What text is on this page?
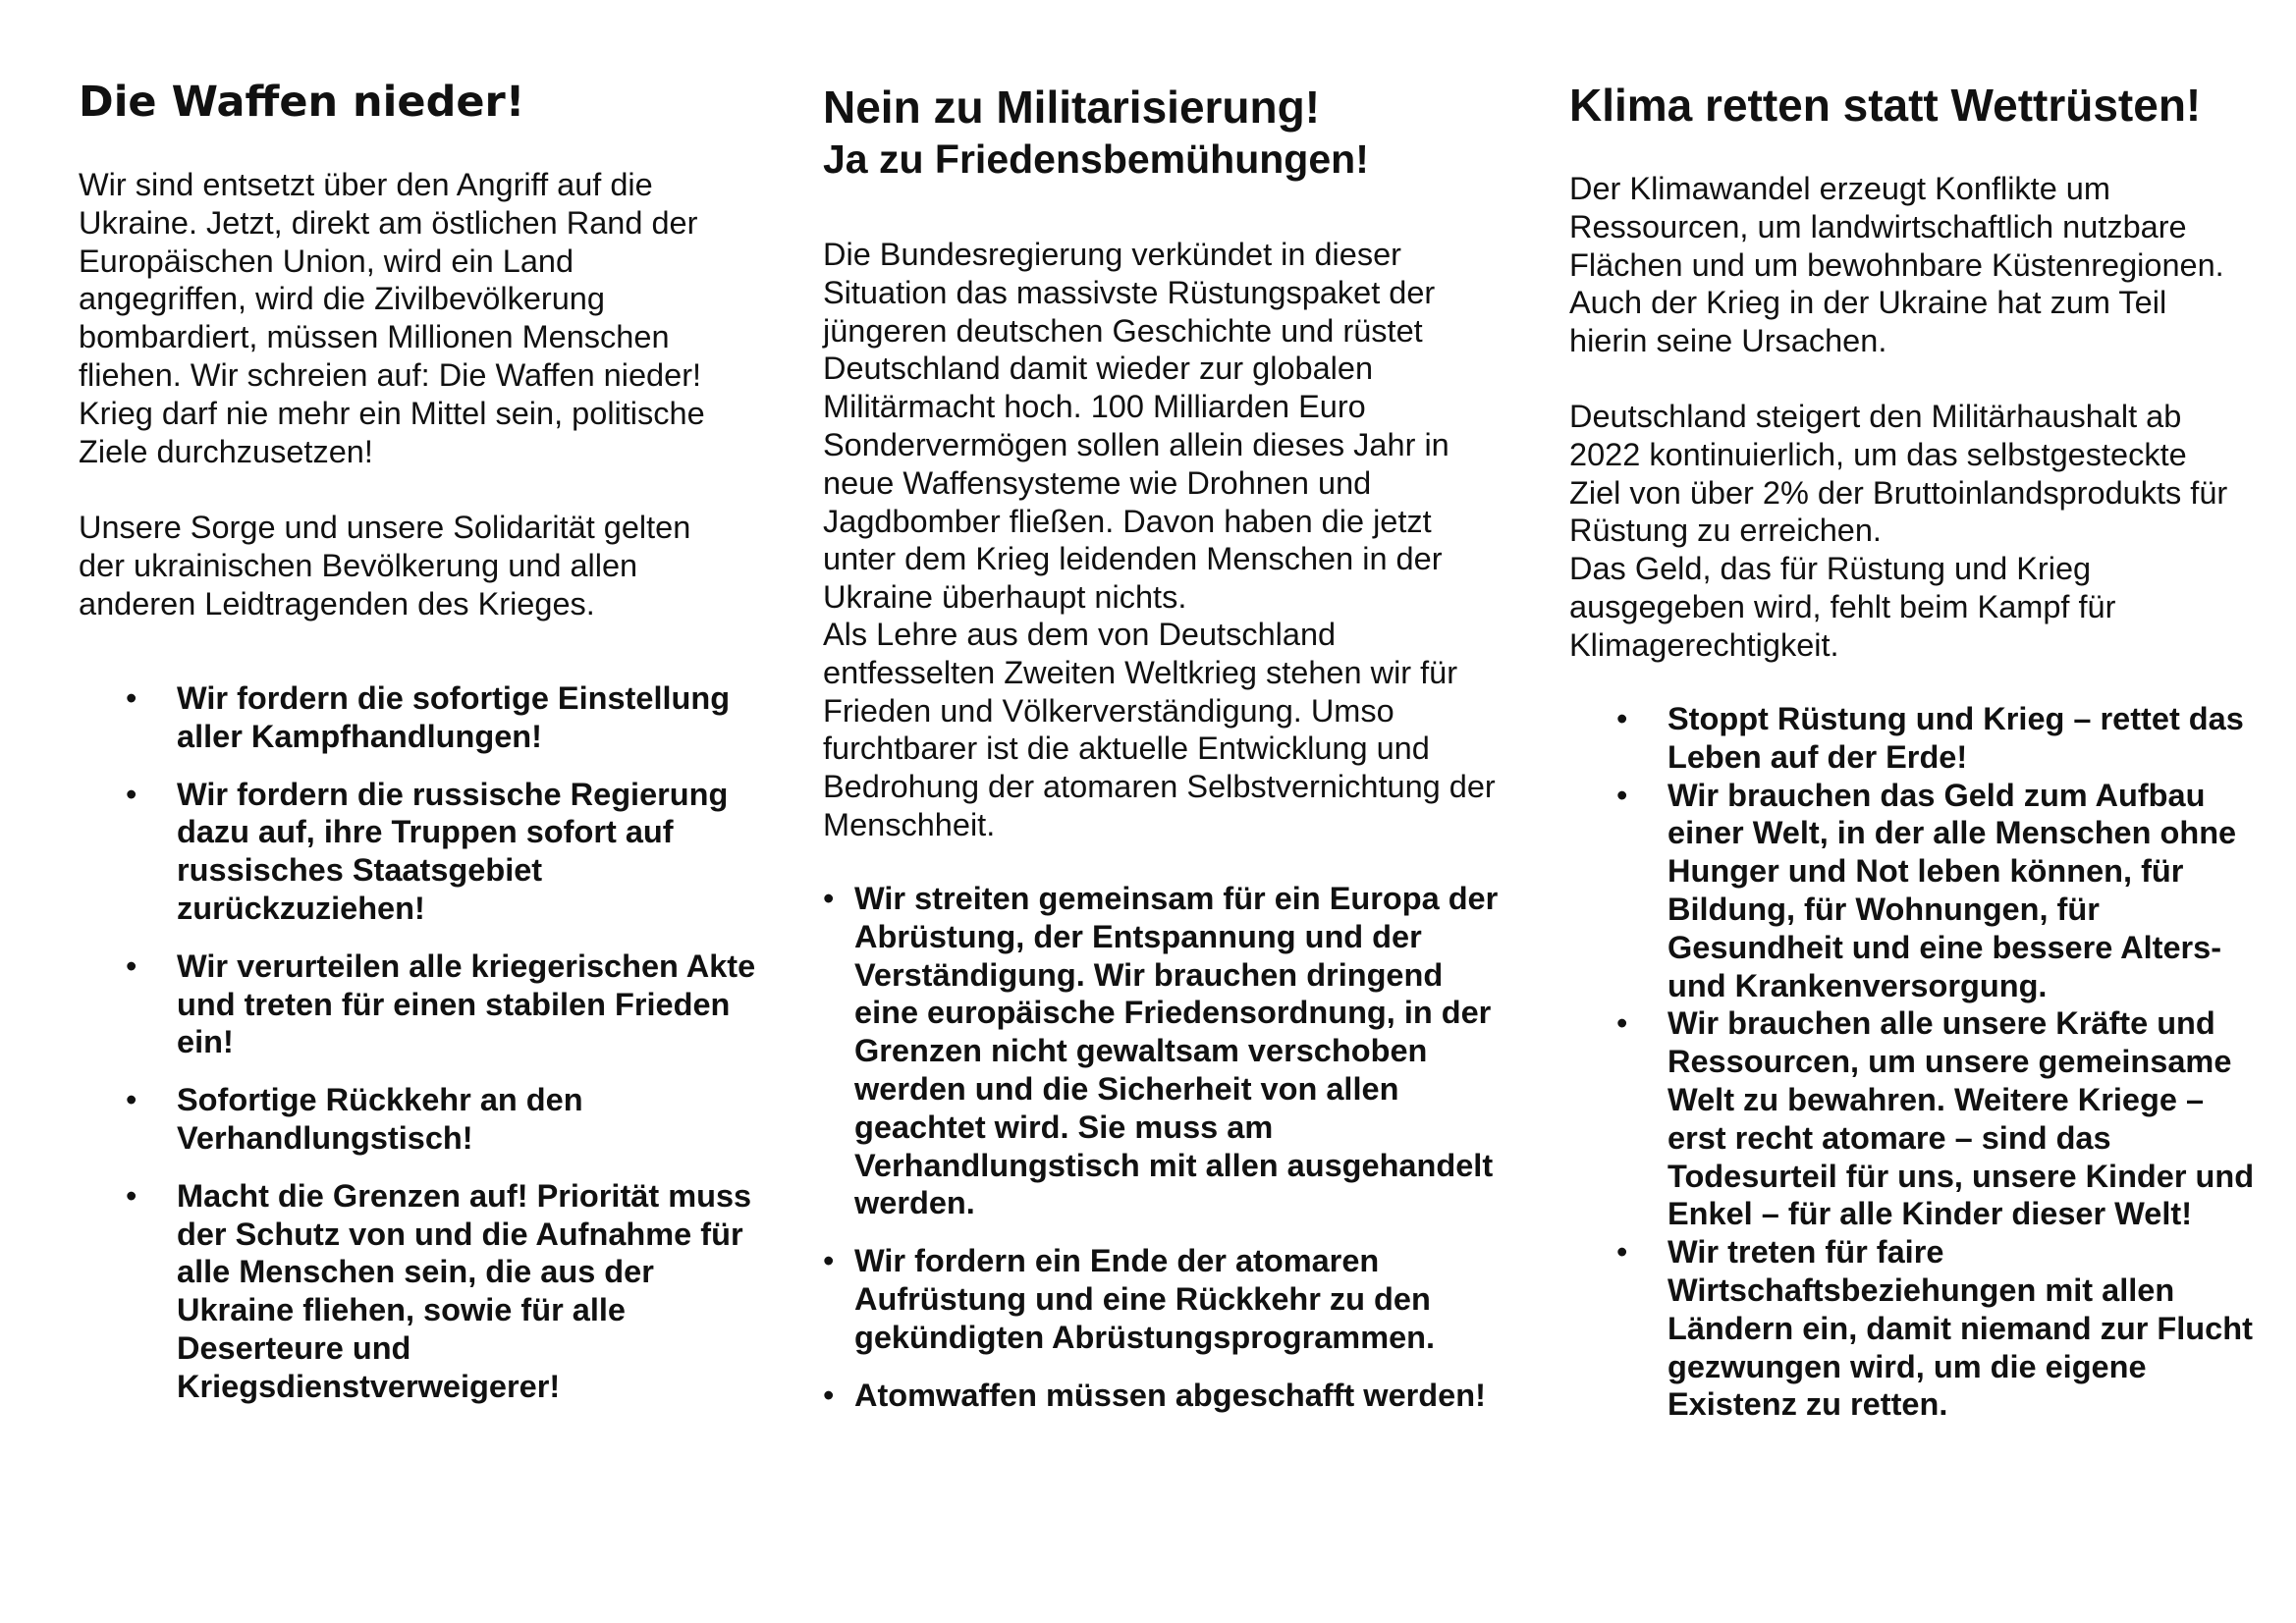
Die Waffen nieder!

Wir sind entsetzt über den Angriff auf die Ukraine. Jetzt, direkt am östlichen Rand der Europäischen Union, wird ein Land angegriffen, wird die Zivilbevölkerung bombardiert, müssen Millionen Menschen fliehen. Wir schreien auf: Die Waffen nieder! Krieg darf nie mehr ein Mittel sein, politische Ziele durchzusetzen!

Unsere Sorge und unsere Solidarität gelten der ukrainischen Bevölkerung und allen anderen Leidtragenden des Krieges.

• Wir fordern die sofortige Einstellung aller Kampfhandlungen!
• Wir fordern die russische Regierung dazu auf, ihre Truppen sofort auf russisches Staatsgebiet zurückzuziehen!
• Wir verurteilen alle kriegerischen Akte und treten für einen stabilen Frieden ein!
• Sofortige Rückkehr an den Verhandlungstisch!
• Macht die Grenzen auf! Priorität muss der Schutz von und die Aufnahme für alle Menschen sein, die aus der Ukraine fliehen, sowie für alle Deserteure und Kriegsdienstverweigerer!
Nein zu Militarisierung!
Ja zu Friedensbemühungen!

Die Bundesregierung verkündet in dieser Situation das massivste Rüstungspaket der jüngeren deutschen Geschichte und rüstet Deutschland damit wieder zur globalen Militärmacht hoch. 100 Milliarden Euro Sondervermögen sollen allein dieses Jahr in neue Waffensysteme wie Drohnen und Jagdbomber fließen. Davon haben die jetzt unter dem Krieg leidenden Menschen in der Ukraine überhaupt nichts.

Als Lehre aus dem von Deutschland entfesselten Zweiten Weltkrieg stehen wir für Frieden und Völkerverständigung. Umso furchtbarer ist die aktuelle Entwicklung und Bedrohung der atomaren Selbstvernichtung der Menschheit.

• Wir streiten gemeinsam für ein Europa der Abrüstung, der Entspannung und der Verständigung. Wir brauchen dringend eine europäische Friedensordnung, in der Grenzen nicht gewaltsam verschoben werden und die Sicherheit von allen geachtet wird. Sie muss am Verhandlungstisch mit allen ausgehandelt werden.
• Wir fordern ein Ende der atomaren Aufrüstung und eine Rückkehr zu den gekündigten Abrüstungsprogrammen.
• Atomwaffen müssen abgeschafft werden!
Klima retten statt Wettrüsten!

Der Klimawandel erzeugt Konflikte um Ressourcen, um landwirtschaftlich nutzbare Flächen und um bewohnbare Küstenregionen. Auch der Krieg in der Ukraine hat zum Teil hierin seine Ursachen.

Deutschland steigert den Militärhaushalt ab 2022 kontinuierlich, um das selbstgesteckte Ziel von über 2% der Bruttoinlandsprodukts für Rüstung zu erreichen.

Das Geld, das für Rüstung und Krieg ausgegeben wird, fehlt beim Kampf für Klimagerechtigkeit.

• Stoppt Rüstung und Krieg – rettet das Leben auf der Erde!
• Wir brauchen das Geld zum Aufbau einer Welt, in der alle Menschen ohne Hunger und Not leben können, für Bildung, für Wohnungen, für Gesundheit und eine bessere Alters- und Krankenversorgung.
• Wir brauchen alle unsere Kräfte und Ressourcen, um unsere gemeinsame Welt zu bewahren. Weitere Kriege – erst recht atomare – sind das Todesurteil für uns, unsere Kinder und Enkel – für alle Kinder dieser Welt!
• Wir treten für faire Wirtschaftsbeziehungen mit allen Ländern ein, damit niemand zur Flucht gezwungen wird, um die eigene Existenz zu retten.
